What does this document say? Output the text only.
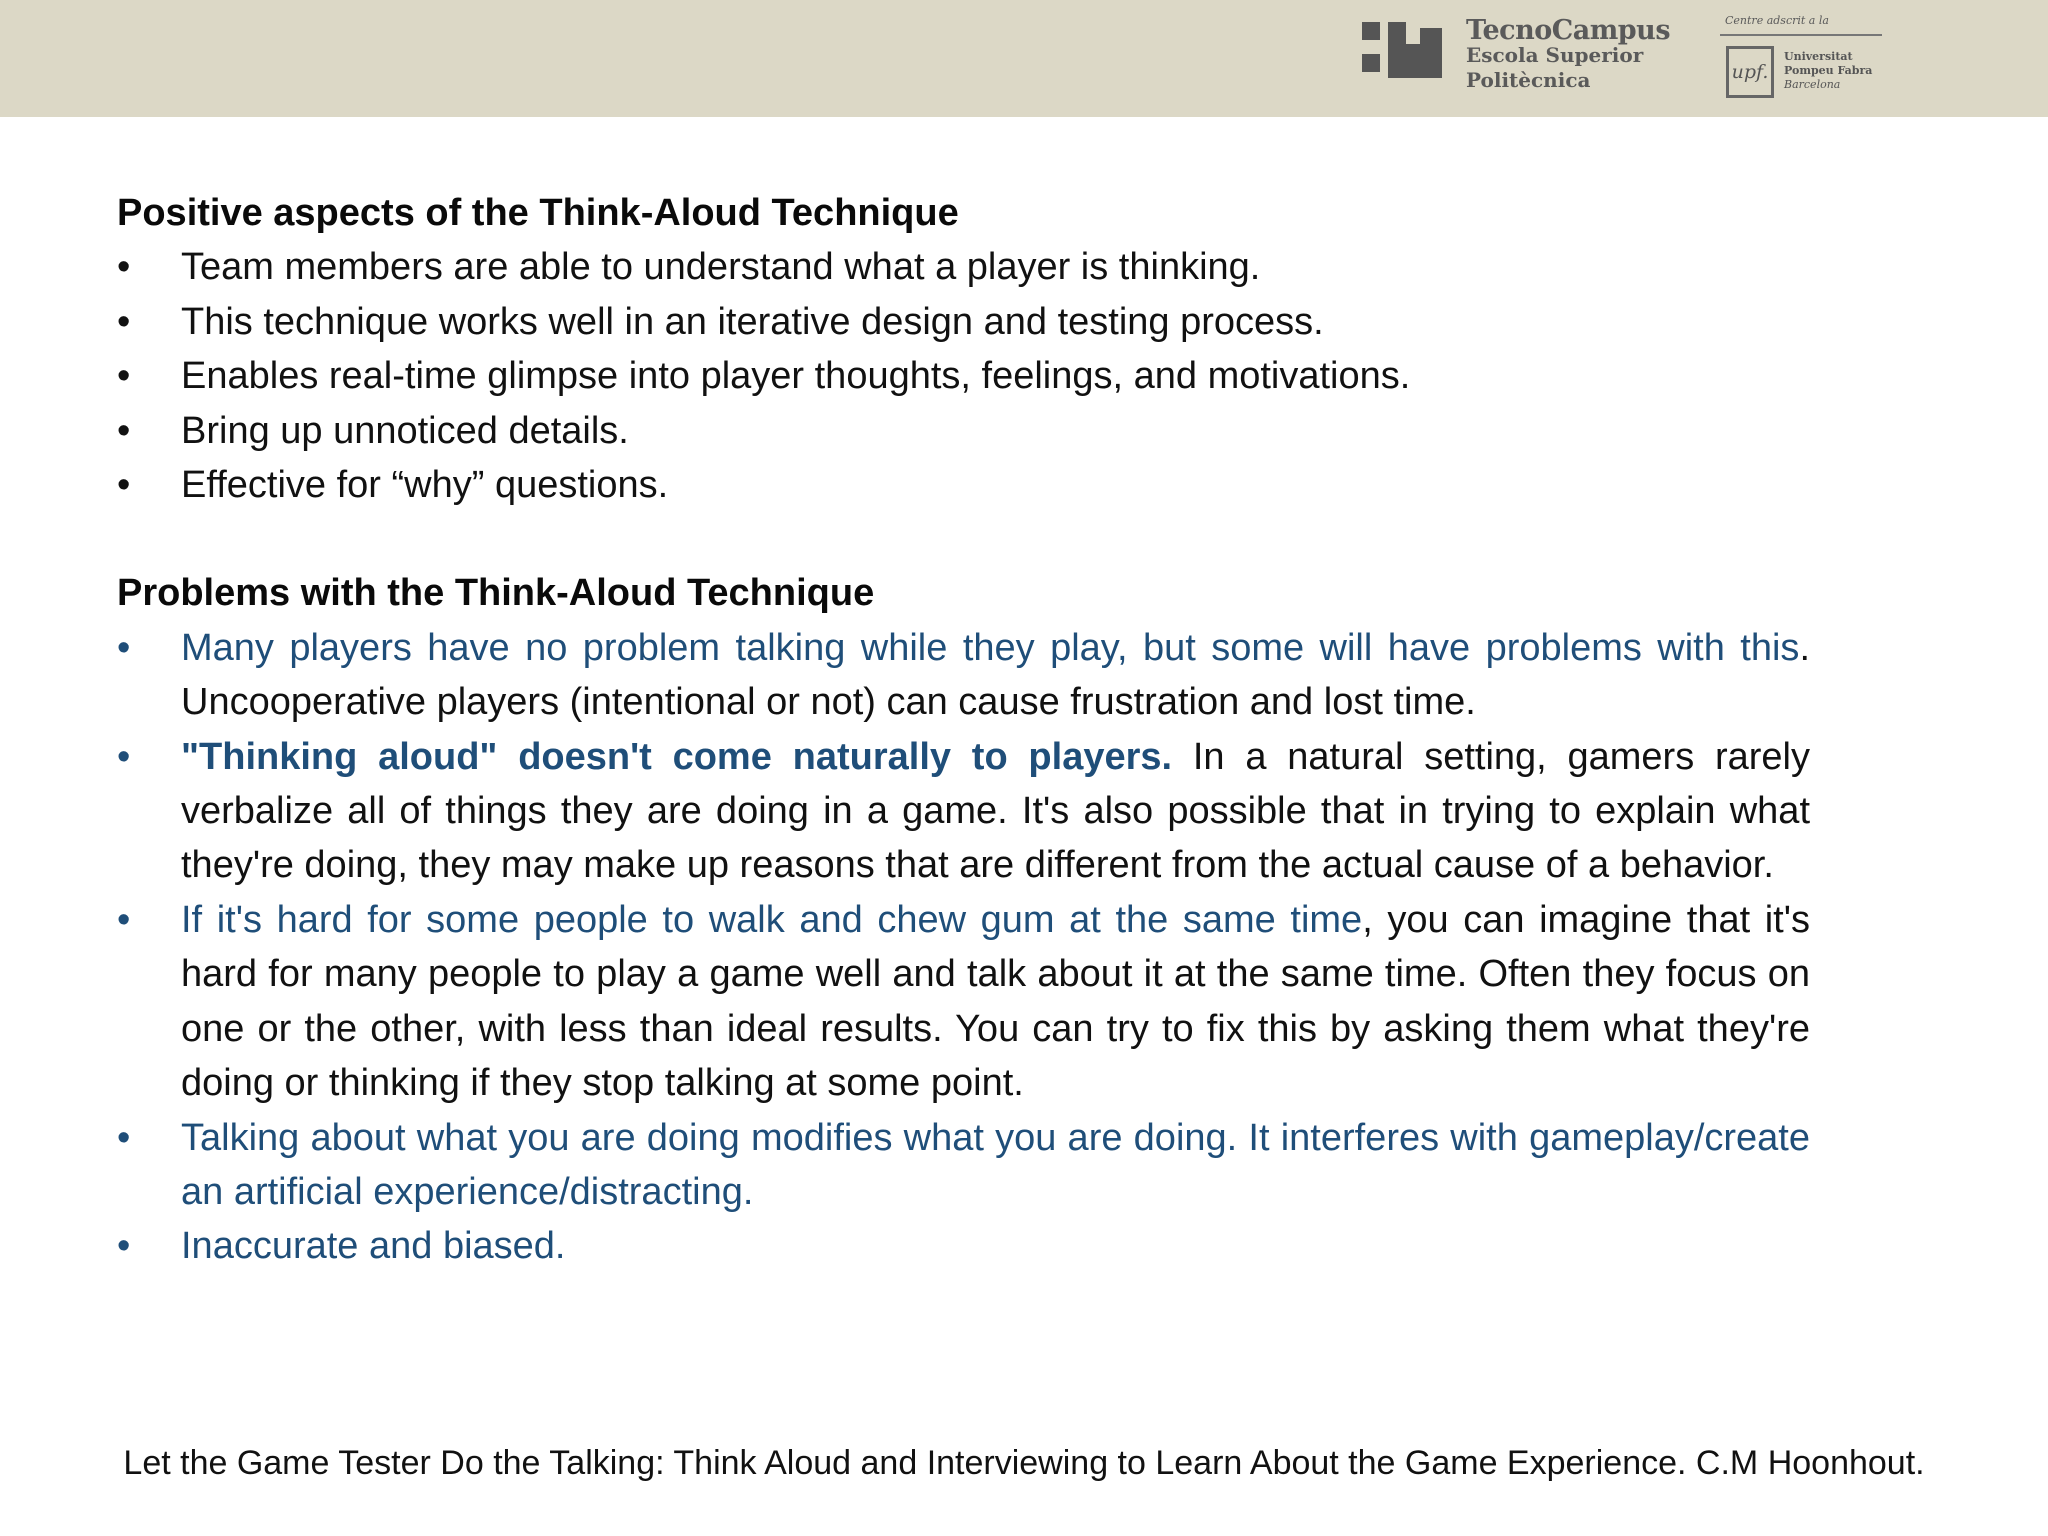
TecnoCampus
Escola Superior
Politècnica
Centre adscrit a la
upf.
Universitat
Pompeu Fabra
Barcelona

Positive aspects of the Think-Aloud Technique

• Team members are able to understand what a player is thinking.
• This technique works well in an iterative design and testing process.
• Enables real-time glimpse into player thoughts, feelings, and motivations.
• Bring up unnoticed details.
• Effective for “why” questions.

Problems with the Think-Aloud Technique

• Many players have no problem talking while they play, but some will have problems with this. Uncooperative players (intentional or not) can cause frustration and lost time.
• "Thinking aloud" doesn't come naturally to players. In a natural setting, gamers rarely verbalize all of things they are doing in a game. It's also possible that in trying to explain what they're doing, they may make up reasons that are different from the actual cause of a behavior.
• If it's hard for some people to walk and chew gum at the same time, you can imagine that it's hard for many people to play a game well and talk about it at the same time. Often they focus on one or the other, with less than ideal results. You can try to fix this by asking them what they're doing or thinking if they stop talking at some point.
• Talking about what you are doing modifies what you are doing. It interferes with gameplay/create an artificial experience/distracting.
• Inaccurate and biased.
Let the Game Tester Do the Talking: Think Aloud and Interviewing to Learn About the Game Experience. C.M Hoonhout.
